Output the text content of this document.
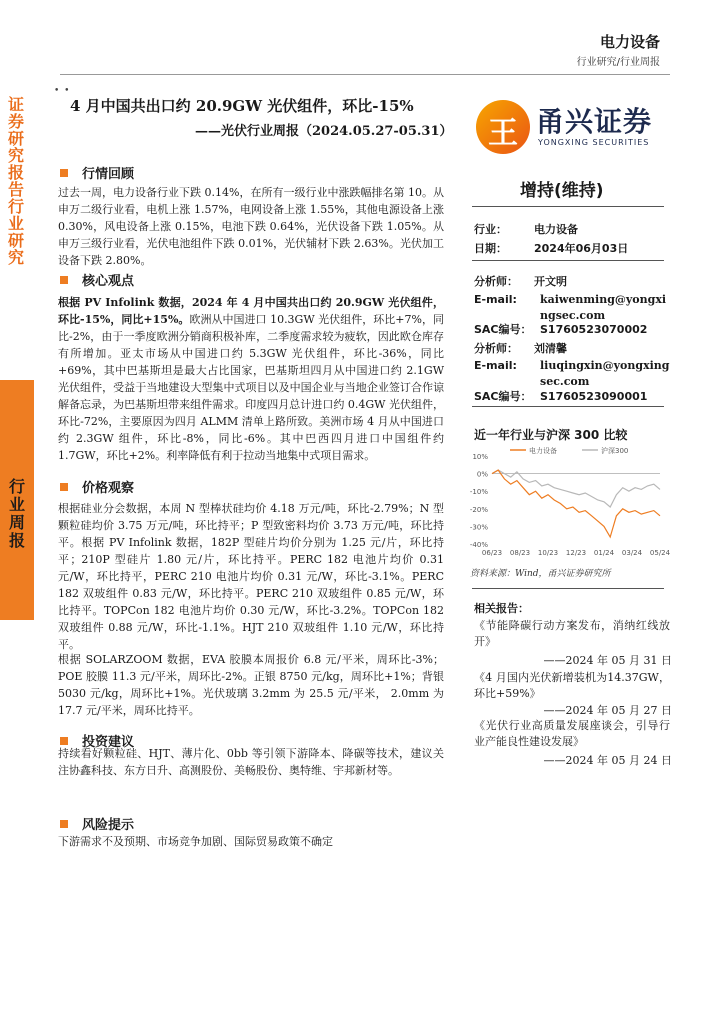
证券研究报告 行业研究
行业周报
电力设备
行业研究/行业周报
• •
4 月中国共出口约 20.9GW 光伏组件，环比-15%
——光伏行业周报（2024.05.27-05.31）	王 甬兴证券
YONGXING SECURITIES
行情回顾
过去一周，电力设备行业下跌 0.14%，在所有一级行业中涨跌幅排名第 10。从申万二级行业看，电机上涨 1.57%，电网设备上涨 1.55%，其他电源设备上涨 0.30%，风电设备上涨 0.15%，电池下跌 0.64%，光伏设备下跌 1.05%。从申万三级行业看，光伏电池组件下跌 0.01%，光伏辅材下跌 2.63%。光伏加工设备下跌 2.80%。
核心观点
根据 PV Infolink 数据，2024 年 4 月中国共出口约 20.9GW 光伏组件，环比-15%，同比+15%。欧洲从中国进口 10.3GW 光伏组件，环比+7%，同比-2%，由于一季度欧洲分销商积极补库，二季度需求较为疲软，因此欧仓库存有所增加。亚太市场从中国进口约 5.3GW 光伏组件，环比-36%，同比+69%，其中巴基斯坦是最大占比国家，巴基斯坦四月从中国进口约 2.1GW 光伏组件，受益于当地建设大型集中式项目以及中国企业与当地企业签订合作谅解备忘录，为巴基斯坦带来组件需求。印度四月总计进口约 0.4GW 光伏组件，环比-72%，主要原因为四月 ALMM 清单上路所致。美洲市场 4 月从中国进口约 2.3GW 组件，环比-8%，同比-6%。其中巴西四月进口中国组件约 1.7GW，环比+2%。利率降低有利于拉动当地集中式项目需求。
价格观察
根据硅业分会数据，本周 N 型棒状硅均价 4.18 万元/吨，环比-2.79%；N 型颗粒硅均价 3.75 万元/吨，环比持平；P 型致密料均价 3.73 万元/吨，环比持平。根据 PV Infolink 数据，182P 型硅片均价分别为 1.25 元/片，环比持平；210P 型硅片 1.80 元/片，环比持平。PERC 182 电池片均价 0.31 元/W，环比持平，PERC 210 电池片均价 0.31 元/W，环比-3.1%。PERC 182 双玻组件 0.83 元/W，环比持平。PERC 210 双玻组件 0.85 元/W，环比持平。TOPCon 182 电池片均价 0.30 元/W，环比-3.2%。TOPCon 182 双玻组件 0.88 元/W，环比-1.1%。HJT 210 双玻组件 1.10 元/W，环比持平。
根据 SOLARZOOM 数据，EVA 胶膜本周报价 6.8 元/平米，周环比-3%；POE 胶膜 11.3 元/平米，周环比-2%。正银 8750 元/kg，周环比+1%；背银 5030 元/kg，周环比+1%。光伏玻璃 3.2mm 为 25.5 元/平米， 2.0mm 为 17.7 元/平米，周环比持平。
投资建议
持续看好颗粒硅、HJT、薄片化、0bb 等引领下游降本、降碳等技术，建议关注协鑫科技、东方日升、高测股份、美畅股份、奥特维、宇邦新材等。
风险提示
下游需求不及预期、市场竞争加剧、国际贸易政策不确定
增持(维持)
行业： 电力设备
日期： 2024年06月03日
分析师： 开文明
E-mail:	kaiwenming@yongxingsec.com
SAC编号： S1760523070002
分析师： 刘清馨
E-mail:	liuqingxin@yongxingsec.com
SAC编号： S1760523090001
近一年行业与沪深 300 比较
10%
0%
-10%
-20%
-30%
-40%
06/23 08/23 10/23 12/23 01/24 03/24 05/24
电力设备	沪深300
资料来源：Wind，甬兴证券研究所
相关报告：
《节能降碳行动方案发布，消纳红线放开》
——2024 年 05 月 31 日
《4 月国内光伏新增装机为14.37GW，环比+59%》
——2024 年 05 月 27 日
《光伏行业高质量发展座谈会，引导行业产能良性建设发展》
——2024 年 05 月 24 日
